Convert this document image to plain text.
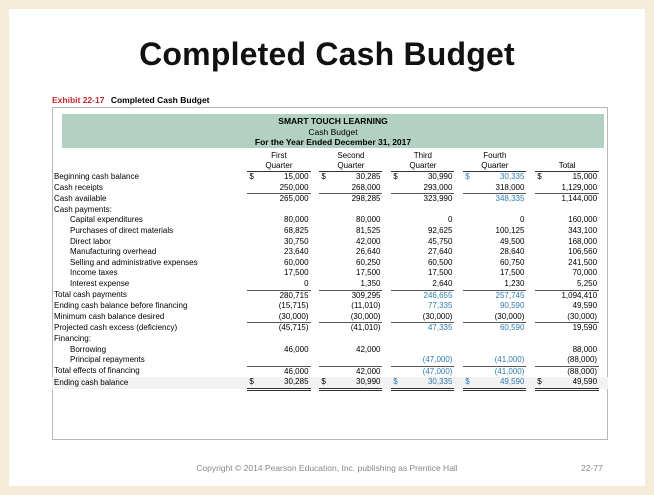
Completed Cash Budget
Exhibit 22-17 Completed Cash Budget
SMART TOUCH LEARNING
Cash Budget
For the Year Ended December 31, 2017
		First		Second		Third		Fourth			
		Quarter		Quarter		Quarter		Quarter		Total	
Beginning cash balance		$ 15,000		$ 30,285		$ 30,990		$ 30,335		$ 15,000	

Cash receipts		250,000		268,000		293,000		318,000		1,129,000	

Cash available		265,000		298,285		323,990		348,335		1,144,000	

Cash payments:		

Capital expenditures		80,000		80,000		0		0		160,000	

Purchases of direct materials		68,825		81,525		92,625		100,125		343,100	

Direct labor		30,750		42,000		45,750		49,500		168,000	

Manufacturing overhead		23,640		26,640		27,640		28,640		106,560	

Selling and administrative expenses		60,000		60,250		60,500		60,750		241,500	

Income taxes		17,500		17,500		17,500		17,500		70,000	

Interest expense		0		1,350		2,640		1,230		5,250	

Total cash payments		280,715		309,295		246,655		257,745		1,094,410	

Ending cash balance before financing		(15,715)		(11,010)		77,335		90,590		49,590	

Minimum cash balance desired		(30,000)		(30,000)		(30,000)		(30,000)		(30,000)	

Projected cash excess (deficiency)		(45,715)		(41,010)		47,335		60,590		19,590	

Financing:		

Borrowing		46,000		42,000						88,000	

Principal repayments						(47,000)		(41,000)		(88,000)	

Total effects of financing		46,000		42,000		(47,000)		(41,000)		(88,000)	

Ending cash balance		$ 30,285		$ 30,990		$ 30,335		$ 49,590		$ 49,590	

Copyright © 2014 Pearson Education, Inc. publishing as Prentice Hall	22-77
